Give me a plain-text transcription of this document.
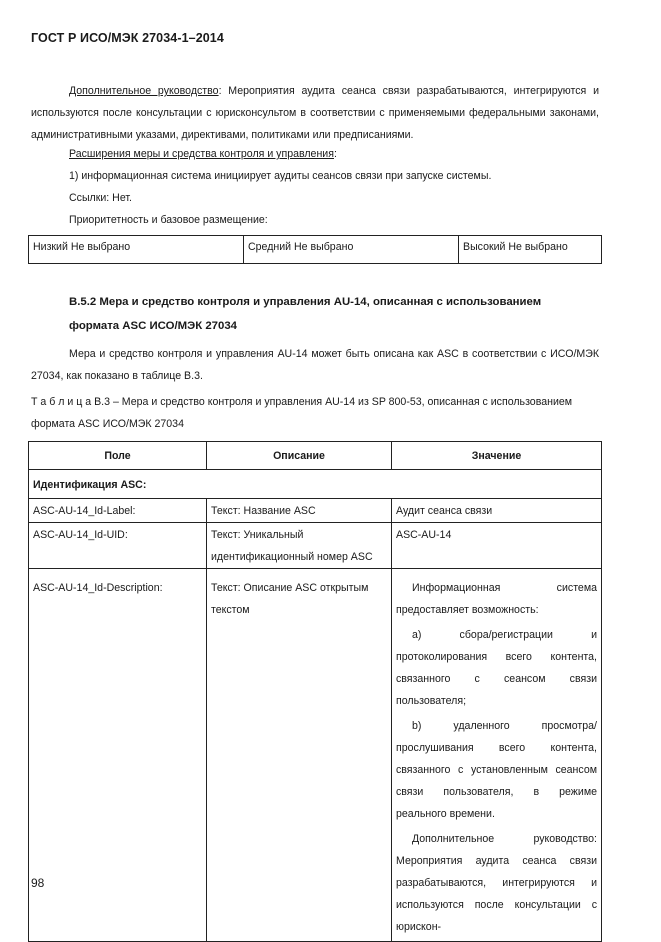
ГОСТ Р ИСО/МЭК 27034-1–2014
Дополнительное руководство: Мероприятия аудита сеанса связи разрабатываются, интегрируются и используются после консультации с юрисконсультом в соответствии с применяемыми федеральными законами, административными указами, директивами, политиками или предписаниями.
Расширения меры и средства контроля и управления:
1) информационная система инициирует аудиты сеансов связи при запуске системы.
Ссылки: Нет.
Приоритетность и базовое размещение:
Низкий Не выбрано	Средний Не выбрано	Высокий Не выбрано
В.5.2 Мера и средство контроля и управления AU-14, описанная с использованием
формата ASC ИСО/МЭК 27034
Мера и средство контроля и управления AU-14 может быть описана как ASC в соответствии с ИСО/МЭК 27034, как показано в таблице В.3.
Т а б л и ц а В.3 – Мера и средство контроля и управления AU-14 из SP 800-53, описанная с использованием формата ASC ИСО/МЭК 27034
Поле	Описание	Значение
Идентификация ASC:		
ASC-AU-14_Id-Label:	Текст: Название ASC	Аудит сеанса связи
ASC-AU-14_Id-UID:	Текст: Уникальный идентификационный номер ASC	ASC-AU-14
ASC-AU-14_Id-Description:	Текст: Описание ASC открытым текстом	Информационная система предоставляет возможность:

а) сбора/регистрации и протоколирования всего контента, связанного с сеансом связи пользователя;

b) удаленного просмотра/прослушивания всего контента, связанного с установленным сеансом связи пользователя, в режиме реального времени.

Дополнительное руководство: Мероприятия аудита сеанса связи разрабатываются, интегрируются и используются после консультации с юрискон-

98
